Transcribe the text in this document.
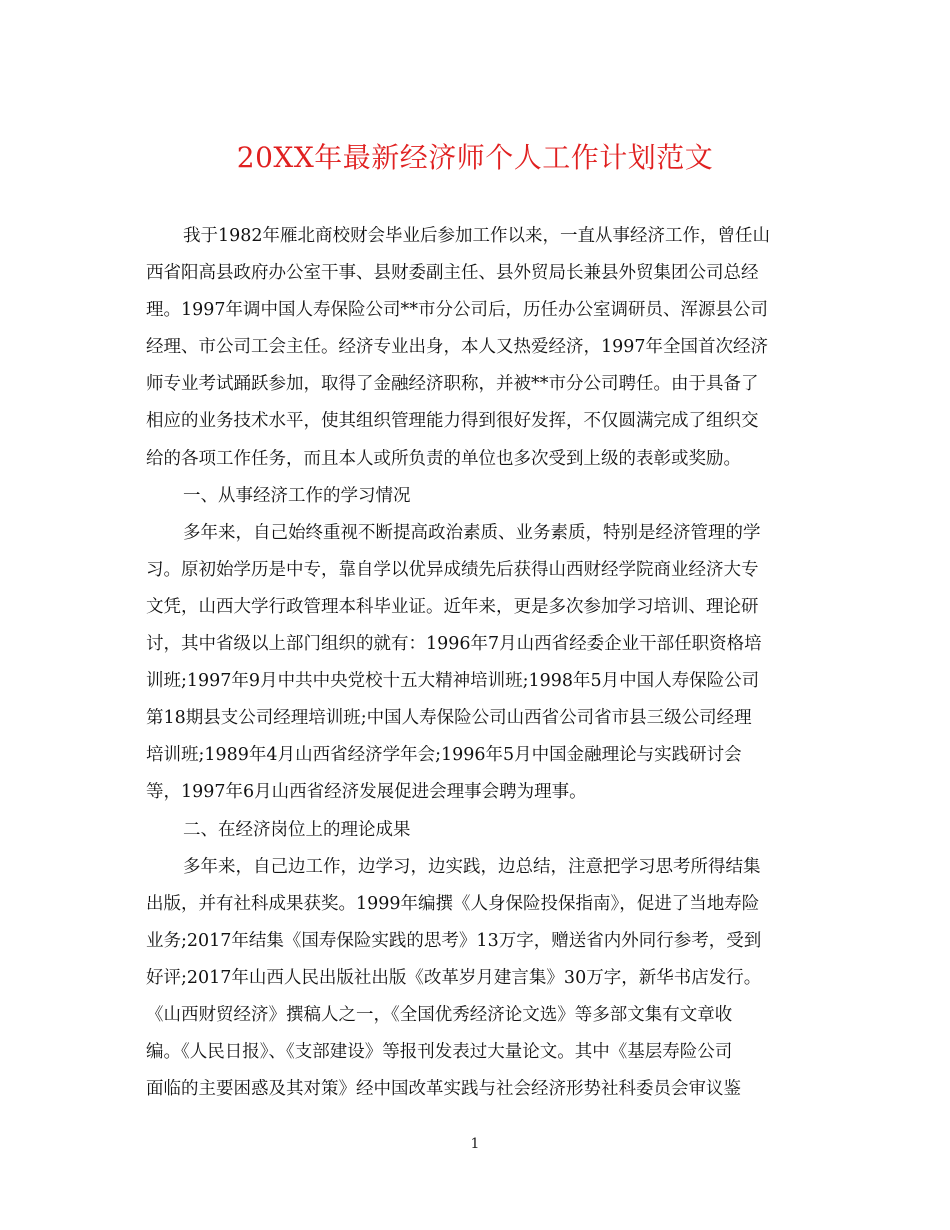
20XX年最新经济师个人工作计划范文
我于1982年雁北商校财会毕业后参加工作以来，一直从事经济工作，曾任山
西省阳高县政府办公室干事、县财委副主任、县外贸局长兼县外贸集团公司总经
理。1997年调中国人寿保险公司**市分公司后，历任办公室调研员、浑源县公司
经理、市公司工会主任。经济专业出身，本人又热爱经济，1997年全国首次经济
师专业考试踊跃参加，取得了金融经济职称，并被**市分公司聘任。由于具备了
相应的业务技术水平，使其组织管理能力得到很好发挥，不仅圆满完成了组织交
给的各项工作任务，而且本人或所负责的单位也多次受到上级的表彰或奖励。
一、从事经济工作的学习情况
多年来，自己始终重视不断提高政治素质、业务素质，特别是经济管理的学
习。原初始学历是中专，靠自学以优异成绩先后获得山西财经学院商业经济大专
文凭，山西大学行政管理本科毕业证。近年来，更是多次参加学习培训、理论研
讨，其中省级以上部门组织的就有：1996年7月山西省经委企业干部任职资格培
训班;1997年9月中共中央党校十五大精神培训班;1998年5月中国人寿保险公司
第18期县支公司经理培训班;中国人寿保险公司山西省公司省市县三级公司经理
培训班;1989年4月山西省经济学年会;1996年5月中国金融理论与实践研讨会
等，1997年6月山西省经济发展促进会理事会聘为理事。
二、在经济岗位上的理论成果
多年来，自己边工作，边学习，边实践，边总结，注意把学习思考所得结集
出版，并有社科成果获奖。1999年编撰《人身保险投保指南》，促进了当地寿险
业务;2017年结集《国寿保险实践的思考》13万字，赠送省内外同行参考，受到
好评;2017年山西人民出版社出版《改革岁月建言集》30万字，新华书店发行。
《山西财贸经济》撰稿人之一，《全国优秀经济论文选》等多部文集有文章收
编。《人民日报》、《支部建设》等报刊发表过大量论文。其中《基层寿险公司
面临的主要困惑及其对策》经中国改革实践与社会经济形势社科委员会审议鉴
1
